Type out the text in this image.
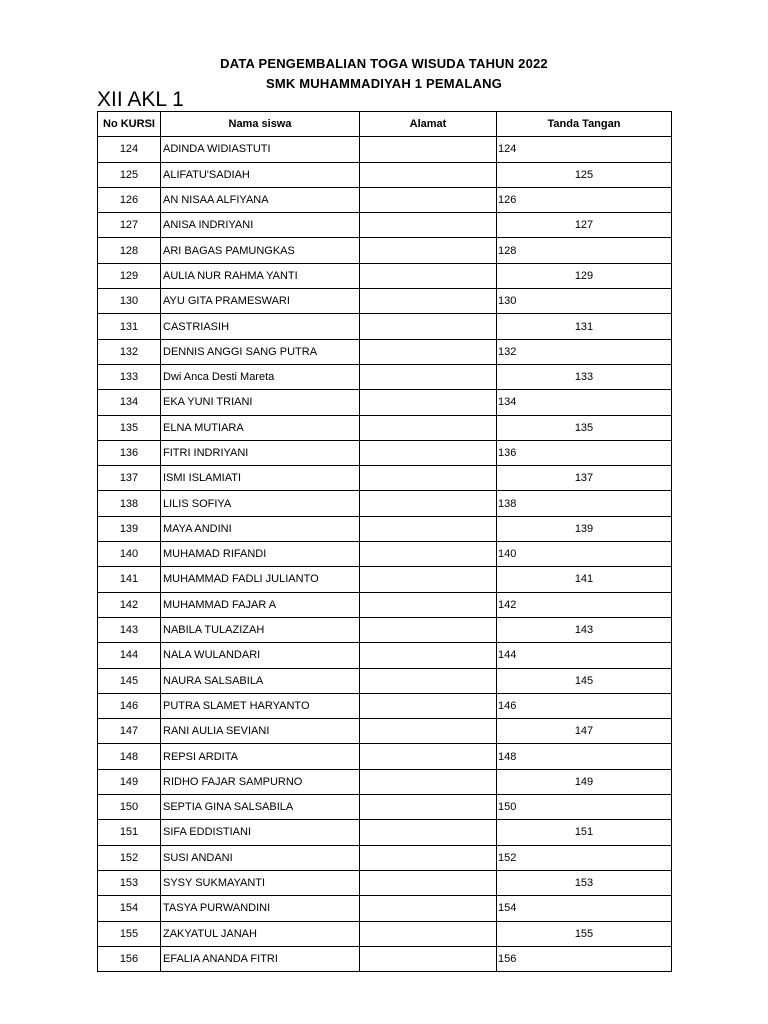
DATA PENGEMBALIAN TOGA WISUDA TAHUN 2022
SMK MUHAMMADIYAH 1 PEMALANG
XII AKL 1
No KURSI	Nama siswa	Alamat	Tanda Tangan
124	ADINDA WIDIASTUTI		124
125	ALIFATU'SADIAH		125
126	AN NISAA ALFIYANA		126
127	ANISA INDRIYANI		127
128	ARI BAGAS PAMUNGKAS		128
129	AULIA NUR RAHMA YANTI		129
130	AYU GITA PRAMESWARI		130
131	CASTRIASIH		131
132	DENNIS ANGGI SANG PUTRA		132
133	Dwi Anca Desti Mareta		133
134	EKA YUNI TRIANI		134
135	ELNA MUTIARA		135
136	FITRI INDRIYANI		136
137	ISMI ISLAMIATI		137
138	LILIS SOFIYA		138
139	MAYA ANDINI		139
140	MUHAMAD RIFANDI		140
141	MUHAMMAD FADLI JULIANTO		141
142	MUHAMMAD FAJAR A		142
143	NABILA TULAZIZAH		143
144	NALA WULANDARI		144
145	NAURA SALSABILA		145
146	PUTRA SLAMET HARYANTO		146
147	RANI AULIA SEVIANI		147
148	REPSI ARDITA		148
149	RIDHO FAJAR SAMPURNO		149
150	SEPTIA GINA SALSABILA		150
151	SIFA EDDISTIANI		151
152	SUSI ANDANI		152
153	SYSY SUKMAYANTI		153
154	TASYA PURWANDINI		154
155	ZAKYATUL JANAH		155
156	EFALIA ANANDA FITRI		156
